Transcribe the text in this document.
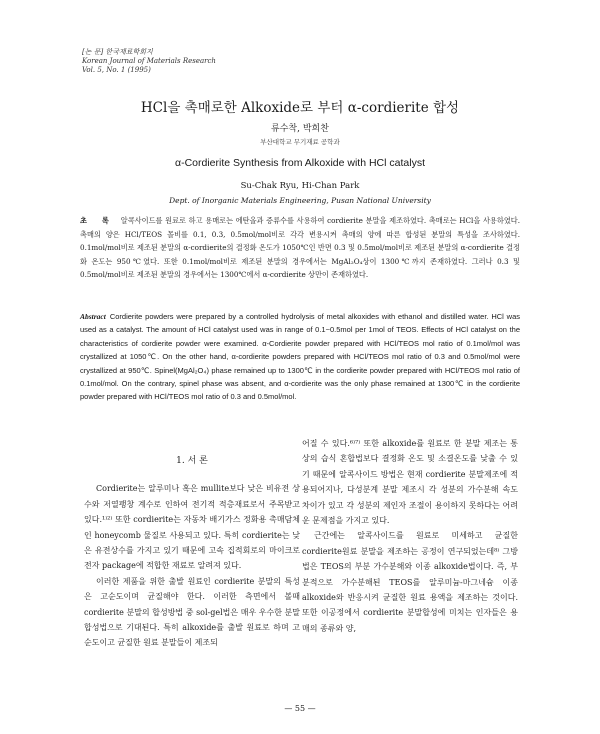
[논 문] 한국재료학회지
Korean Journal of Materials Research
Vol. 5, No. 1 (1995)
HCl을 촉매로한 Alkoxide로 부터 α-cordierite 합성
류수착, 박희찬
부산대학교 무기재료 공학과
α-Cordierite Synthesis from Alkoxide with HCl catalyst
Su-Chak Ryu, Hi-Chan Park
Dept. of Inorganic Materials Engineering, Pusan National University
초 록 알콕사이드를 원료로 하고 용매로는 에탄올과 증류수를 사용하여 cordierite 분말을 제조하였다. 촉매로는 HCl을 사용하였다. 촉매의 양은 HCl/TEOS 몰비를 0.1, 0.3, 0.5mol/mol비로 각각 변용시켜 촉매의 양에 따른 합성된 분말의 특성을 조사하였다. 0.1mol/mol비로 제조된 분말의 α-cordierite의 결정화 온도가 1050℃인 반면 0.3 및 0.5mol/mol비로 제조된 분말의 α-cordierite 결정화 온도는 950℃였다. 또한 0.1mol/mol비로 제조된 분말의 경우에서는 MgAl₂O₄상이 1300℃까지 존재하였다. 그러나 0.3 및 0.5mol/mol비로 제조된 분말의 경우에서는 1300℃에서 α-cordierite 상만이 존재하였다.
Abstract Cordierite powders were prepared by a controlled hydrolysis of metal alkoxides with ethanol and distilled water. HCl was used as a catalyst. The amount of HCl catalyst used was in range of 0.1~0.5mol per 1mol of TEOS. Effects of HCl catalyst on the characteristics of cordierite powder were examined. α-Cordierite powder prepared with HCl/TEOS mol ratio of 0.1mol/mol was crystallized at 1050℃. On the other hand, α-cordierite powders prepared with HCl/TEOS mol ratio of 0.3 and 0.5mol/mol were crystallized at 950℃. Spinel(MgAl₂O₄) phase remained up to 1300℃ in the cordierite powder prepared with HCl/TEOS mol ratio of 0.1mol/mol. On the contrary, spinel phase was absent, and α-cordierite was the only phase remained at 1300℃ in the cordierite powder prepared with HCl/TEOS mol ratio of 0.3 and 0.5mol/mol.
1. 서 론

Cordierite는 알루미나 혹은 mullite보다 낮은 비유전 상수와 저열팽창 계수로 인하여 전기적 적층재료로서 주목받고 있다.¹⁾²⁾ 또한 cordierite는 자동차 배기가스 정화용 촉매담체인 honeycomb 물질로 사용되고 있다. 특히 cordierite는 낮은 유전상수를 가지고 있기 때문에 고속 집적회로의 마이크로 전자 package에 적합한 재료로 알려져 있다.

이러한 제품을 위한 출발 원료인 cordierite 분말의 특성은 고순도이며 균질해야 한다. 이러한 측면에서 볼때 cordierite 분말의 합성방법 중 sol-gel법은 매우 우수한 분말 합성법으로 기대된다. 특히 alkoxide를 출발 원료로 하며 고순도이고 균질한 원료 분말들이 제조되

어질 수 있다.⁶⁾⁷⁾ 또한 alkoxide를 원료로 한 분말 제조는 통상의 습식 혼합법보다 결정화 온도 및 소결온도를 낮출 수 있기 때문에 알콕사이드 방법은 현재 cordierite 분말제조에 적용되어지나, 다성분계 분말 제조시 각 성분의 가수분해 속도 차이가 있고 각 성분의 제인자 조절이 용이하지 못하다는 어려운 문제점을 가지고 있다.

근간에는 알콕사이드를 원료로 미세하고 균질한 cordierite원료 분말을 제조하는 공정이 연구되었는데⁸⁾ 그방법은 TEOS의 부분 가수분해와 이종 alkoxide법이다. 즉, 부분적으로 가수분해된 TEOS를 알루미늄-마그네슘 이종 alkoxide와 반응시켜 균질한 원료 용액을 제조하는 것이다. 또한 이공정에서 cordierite 분말합성에 미치는 인자들은 용매의 종류와 양,

— 55 —
